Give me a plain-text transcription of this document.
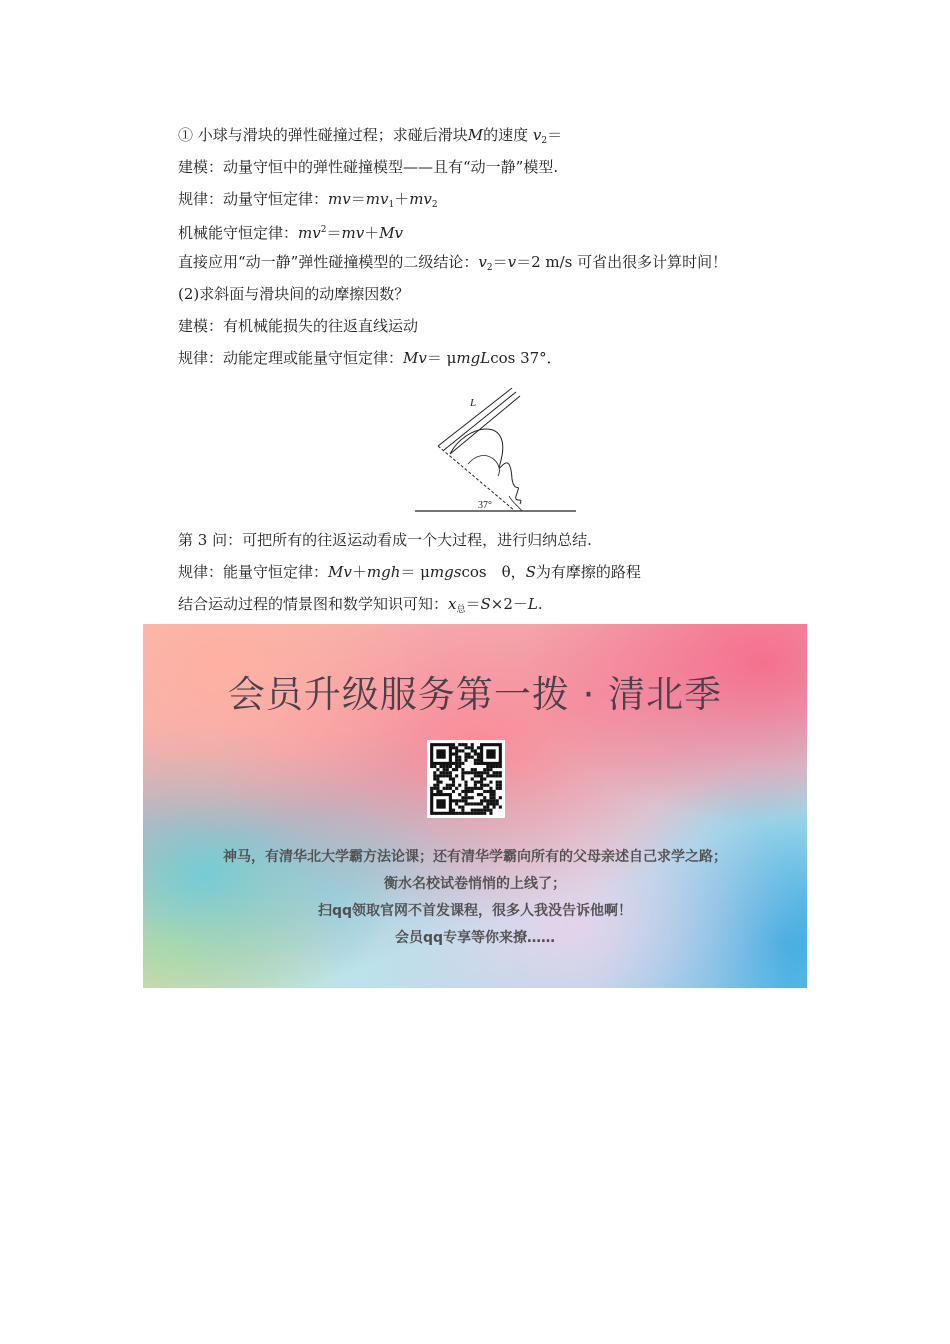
① 小球与滑块的弹性碰撞过程；求碰后滑块M的速度 $v_2=$
建模：动量守恒中的弹性碰撞模型——且有“动一静”模型.
规律：动量守恒定律：$mv=mv_1+mv_2$
机械能守恒定律：$mv^2=mv+Mv$
直接应用“动一静”弹性碰撞模型的二级结论：$v_2=v=2$ m/s 可省出很多计算时间！
(2)求斜面与滑块间的动摩擦因数？
建模：有机械能损失的往返直线运动
规律：动能定理或能量守恒定律：Mv＝ μmgLcos 37°．
L
37°
第 3 问：可把所有的往返运动看成一个大过程，进行归纳总结.
规律：能量守恒定律：Mv＋mgh＝ μmgscos　θ，S为有摩擦的路程
结合运动过程的情景图和数学知识可知：$x_总=S\times 2-L$.
会员升级服务第一拨 · 清北季
神马，有清华北大学霸方法论课；还有清华学霸向所有的父母亲述自己求学之路；
衡水名校试卷悄悄的上线了；
扫qq领取官网不首发课程，很多人我没告诉他啊！
会员qq专享等你来撩……
